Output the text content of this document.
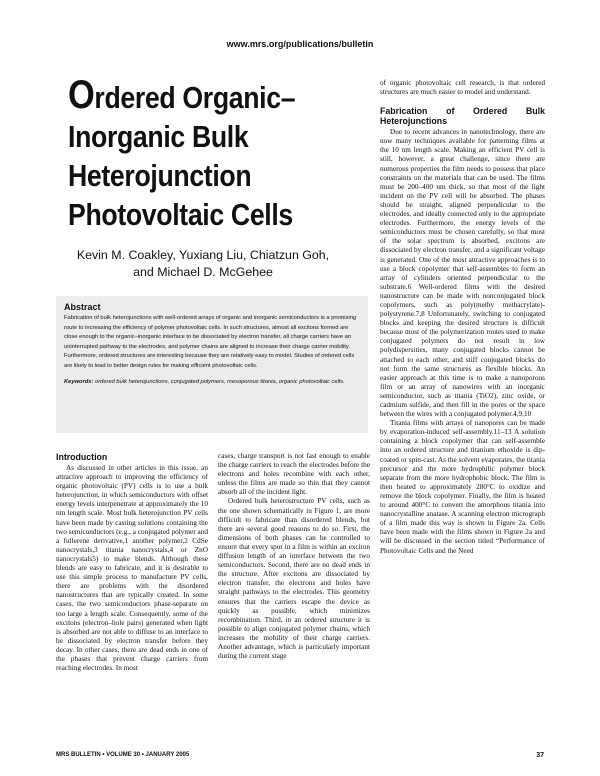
www.mrs.org/publications/bulletin
Ordered Organic–
Inorganic Bulk
Heterojunction
Photovoltaic Cells
Kevin M. Coakley, Yuxiang Liu, Chiatzun Goh,
and Michael D. McGehee
Abstract

Fabrication of bulk heterojunctions with well-ordered arrays of organic and inorganic semiconductors is a promising route to increasing the efficiency of polymer photovoltaic cells. In such structures, almost all excitons formed are close enough to the organic–inorganic interface to be dissociated by electron transfer, all charge carriers have an uninterrupted pathway to the electrodes, and polymer chains are aligned to increase their charge carrier mobility. Furthermore, ordered structures are interesting because they are relatively easy to model. Studies of ordered cells are likely to lead to better design rules for making efficient photovoltaic cells.

Keywords: ordered bulk heterojunctions, conjugated polymers, mesoporous titania, organic photovoltaic cells.

Introduction

As discussed in other articles in this issue, an attractive approach to improving the efficiency of organic photovoltaic (PV) cells is to use a bulk heterojunction, in which semiconductors with offset energy levels interpenetrate at approximately the 10 nm length scale. Most bulk heterojunction PV cells have been made by casting solutions containing the two semiconductors (e.g., a conjugated polymer and a fullerene derivative,1 another polymer,2 CdSe nanocrystals,3 titania nanocrystals,4 or ZnO nanocrystals5) to make blends. Although these blends are easy to fabricate, and it is desirable to use this simple process to manufacture PV cells, there are problems with the disordered nanostructures that are typically created. In some cases, the two semiconductors phase-separate on too large a length scale. Consequently, some of the excitons (electron–hole pairs) generated when light is absorbed are not able to diffuse to an interface to be dissociated by electron transfer before they decay. In other cases, there are dead ends in one of the phases that prevent charge carriers from reaching electrodes. In most

cases, charge transport is not fast enough to enable the charge carriers to reach the electrodes before the electrons and holes recombine with each other, unless the films are made so thin that they cannot absorb all of the incident light.

Ordered bulk heterostructure PV cells, such as the one shown schematically in Figure 1, are more difficult to fabricate than disordered blends, but there are several good reasons to do so. First, the dimensions of both phases can be controlled to ensure that every spot in a film is within an exciton diffusion length of an interface between the two semiconductors. Second, there are no dead ends in the structure. After excitons are dissociated by electron transfer, the electrons and holes have straight pathways to the electrodes. This geometry ensures that the carriers escape the device as quickly as possible, which minimizes recombination. Third, in an ordered structure it is possible to align conjugated polymer chains, which increases the mobility of their charge carriers. Another advantage, which is particularly important during the current stage

of organic photovoltaic cell research, is that ordered structures are much easier to model and understand.

Fabrication of Ordered Bulk Heterojunctions

Due to recent advances in nanotechnology, there are now many techniques available for patterning films at the 10 nm length scale. Making an efficient PV cell is still, however, a great challenge, since there are numerous properties the film needs to possess that place constraints on the materials that can be used. The films must be 200–400 nm thick, so that most of the light incident on the PV cell will be absorbed. The phases should be straight, aligned perpendicular to the electrodes, and ideally connected only to the appropriate electrodes. Furthermore, the energy levels of the semiconductors must be chosen carefully, so that most of the solar spectrum is absorbed, excitons are dissociated by electron transfer, and a significant voltage is generated. One of the most attractive approaches is to use a block copolymer that self-assembles to form an array of cylinders oriented perpendicular to the substrate.6 Well-ordered films with the desired nanostructure can be made with nonconjugated block copolymers, such as poly(methy methacrylate)-polystyrene.7,8 Unfortunately, switching to conjugated blocks and keeping the desired structure is difficult because most of the polymerization routes used to make conjugated polymers do not result in low polydispersities, many conjugated blocks cannot be attached to each other, and stiff conjugated blocks do not form the same structures as flexible blocks. An easier approach at this time is to make a nanoporous film or an array of nanowires with an inorganic semiconductor, such as titania (TiO2), zinc oxide, or cadmium sulfide, and then fill in the pores or the space between the wires with a conjugated polymer.4,9,10

Titania films with arrays of nanopores can be made by evaporation-induced self-assembly.11–13 A solution containing a block copolymer that can self-assemble into an ordered structure and titanium ethoxide is dip-coated or spin-cast. As the solvent evaporates, the titania precursor and the more hydrophilic polymer block separate from the more hydrophobic block. The film is then heated to approximately 280°C to oxidize and remove the block copolymer. Finally, the film is heated to around 400°C to convert the amorphous titania into nanocrystalline anatase. A scanning electron micrograph of a film made this way is shown in Figure 2a. Cells have been made with the films shown in Figure 2a and will be discussed in the section titled “Performance of Photovoltaic Cells and the Need

MRS BULLETIN • VOLUME 30 • JANUARY 2005	37
